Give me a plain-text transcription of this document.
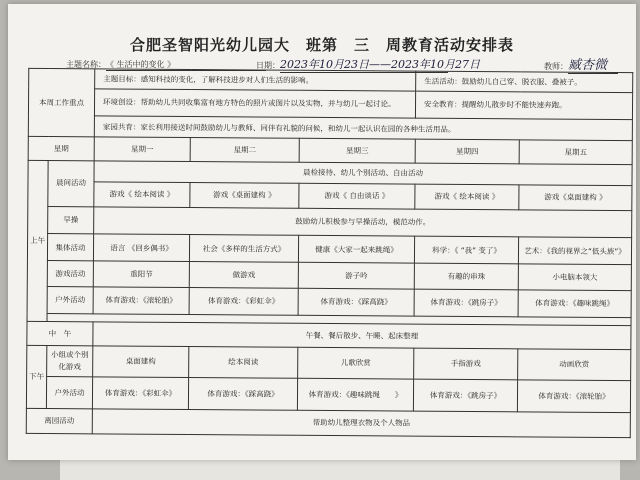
合肥圣智阳光幼儿园大　班第　三　周教育活动安排表
主题名称：《 生活中的变化 》	日期：2023年10月23日——2023年10月27日	教师：臧杏微
本周工作重点		主题目标：感知科技的变化，了解科技进步对人们生活的影响。			生活活动：鼓励幼儿自己穿、脱衣服、叠被子。	
		环境创设：帮助幼儿共同收集富有地方特色的照片或图片以及实物，并与幼儿一起讨论。			安全教育：提醒幼儿散步时不能快速奔跑。	
		家园共育：家长利用接送时间鼓励幼儿与教师、同伴有礼貌的问候，和幼儿一起认识在园的各种生活用品。				
星期		星期一	星期二	星期三	星期四	星期五
上午	晨间活动	晨检接待、幼儿个别活动、自由活动				
		游戏《 绘本阅读 》	游戏《桌面建构 》	游戏《 自由谈话 》	游戏《 绘本阅读 》	游戏《桌面建构 》
	早操	鼓励幼儿积极参与早操活动，模范动作。				
	集体活动	语言 《回乡偶书》	社会《多样的生活方式》	健康《大家一起来跳绳》	科学：《 “我” 变了》	艺术：《我的视界之“低头族”》
	游戏活动	重阳节	做游戏	游子吟	有趣的串珠	小电脑本领大
	户外活动	体育游戏：《滚轮胎》	体育游戏：《彩虹伞》	体育游戏：《踩高跷》	体育游戏：《跳房子》	体育游戏：《趣味跳绳》

中　午		午餐、餐后散步、午睡、起床整理				
下午	小组或个别化游戏	桌面建构	绘本阅读	儿歌欣赏	手指游戏	动画欣赏
	户外活动	体育游戏：《彩虹伞》	体育游戏：《踩高跷》	体育游戏：《趣味跳绳　　》	体育游戏：《跳房子》	体育游戏：《滚轮胎》
离园活动		帮助幼儿整理衣物及个人物品				
